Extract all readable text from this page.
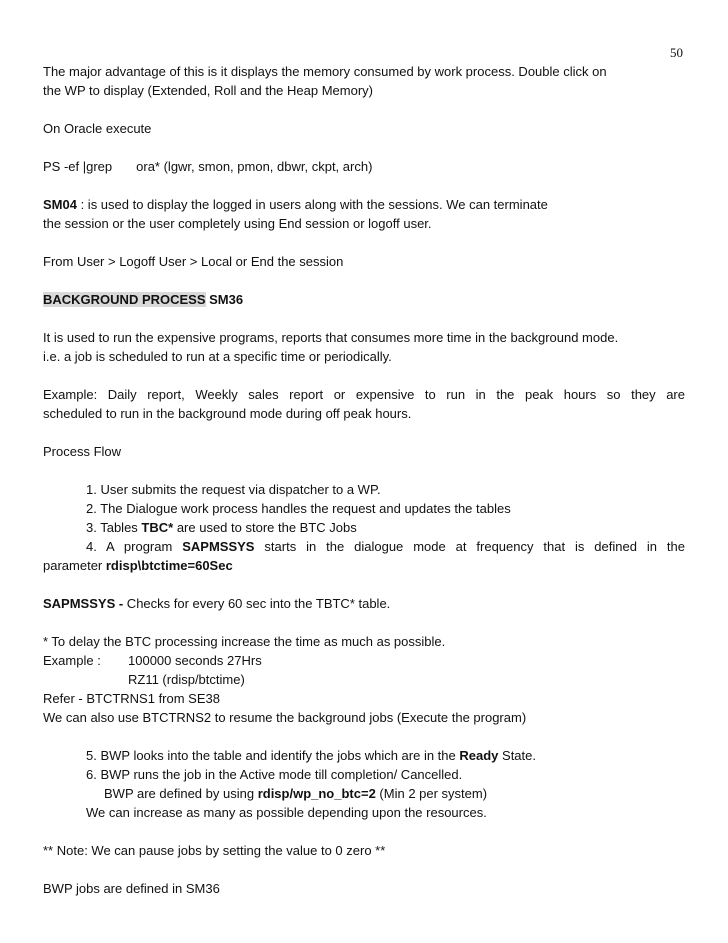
50
The major advantage of this is it displays the memory consumed by work process. Double click on
the WP to display (Extended, Roll and the Heap Memory)
On Oracle execute
PS -ef |grep ora* (lgwr, smon, pmon, dbwr, ckpt, arch)
SM04 : is used to display the logged in users along with the sessions. We can terminate
the session or the user completely using End session or logoff user.
From User > Logoff User > Local or End the session
BACKGROUND PROCESS SM36
It is used to run the expensive programs, reports that consumes more time in the background mode.
i.e. a job is scheduled to run at a specific time or periodically.
Example: Daily report, Weekly sales report or expensive to run in the peak hours so they are
scheduled to run in the background mode during off peak hours.
Process Flow
1. User submits the request via dispatcher to a WP.
2. The Dialogue work process handles the request and updates the tables
3. Tables TBC* are used to store the BTC Jobs
4. A program SAPMSSYS starts in the dialogue mode at frequency that is defined in the
parameter rdisp\btctime=60Sec
SAPMSSYS - Checks for every 60 sec into the TBTC* table.
* To delay the BTC processing increase the time as much as possible.
Example : 100000 seconds 27Hrs
RZ11 (rdisp/btctime)
Refer - BTCTRNS1 from SE38
We can also use BTCTRNS2 to resume the background jobs (Execute the program)
5. BWP looks into the table and identify the jobs which are in the Ready State.
6. BWP runs the job in the Active mode till completion/ Cancelled.
BWP are defined by using rdisp/wp_no_btc=2 (Min 2 per system)
We can increase as many as possible depending upon the resources.
** Note: We can pause jobs by setting the value to 0 zero **
BWP jobs are defined in SM36
